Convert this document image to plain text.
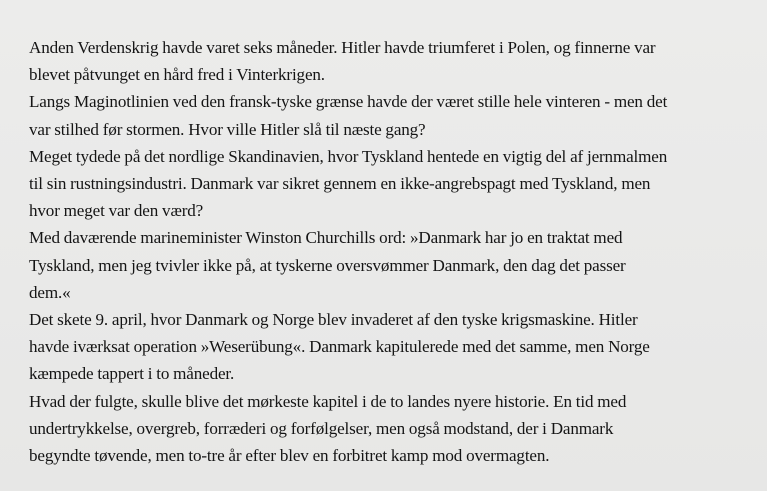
Anden Verdenskrig havde varet seks måneder. Hitler havde triumferet i Polen, og finnerne var
blevet påtvunget en hård fred i Vinterkrigen.

Langs Maginotlinien ved den fransk-tyske grænse havde der været stille hele vinteren - men det
var stilhed før stormen. Hvor ville Hitler slå til næste gang?

Meget tydede på det nordlige Skandinavien, hvor Tyskland hentede en vigtig del af jernmalmen
til sin rustningsindustri. Danmark var sikret gennem en ikke-angrebspagt med Tyskland, men
hvor meget var den værd?

Med daværende marineminister Winston Churchills ord: »Danmark har jo en traktat med
Tyskland, men jeg tvivler ikke på, at tyskerne oversvømmer Danmark, den dag det passer
dem.«

Det skete 9. april, hvor Danmark og Norge blev invaderet af den tyske krigsmaskine. Hitler
havde iværksat operation »Weserübung«. Danmark kapitulerede med det samme, men Norge
kæmpede tappert i to måneder.

Hvad der fulgte, skulle blive det mørkeste kapitel i de to landes nyere historie. En tid med
undertrykkelse, overgreb, forræderi og forfølgelser, men også modstand, der i Danmark
begyndte tøvende, men to-tre år efter blev en forbitret kamp mod overmagten.
